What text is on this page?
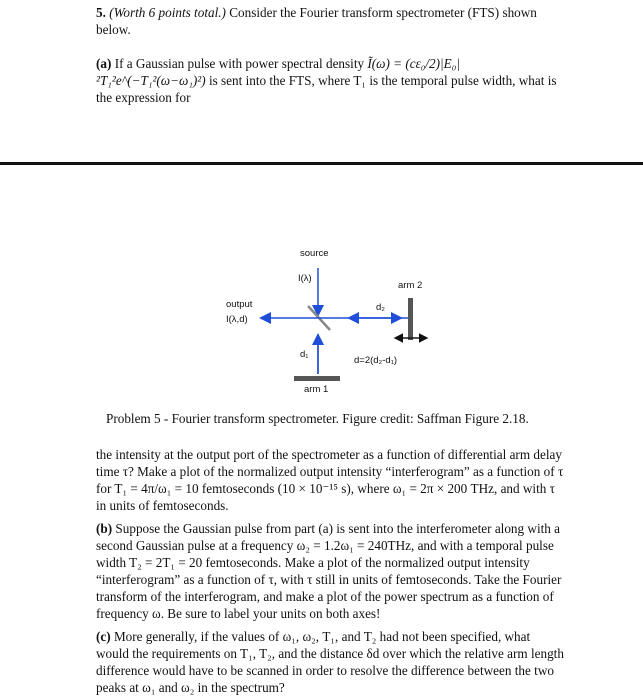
5. (Worth 6 points total.) Consider the Fourier transform spectrometer (FTS) shown below.

(a) If a Gaussian pulse with power spectral density Ĩ(ω) = (cε₀/2)|E₀|²T₁²e^(−T₁²(ω−ω₁)²) is sent into the FTS, where T₁ is the temporal pulse width, what is the expression for
source
I(λ)
arm 2
d₂
output
I(λ,d)
d₁
d=2(d₂-d₁)
arm 1
Problem 5 - Fourier transform spectrometer. Figure credit: Saffman Figure 2.18.
the intensity at the output port of the spectrometer as a function of differential arm delay time τ? Make a plot of the normalized output intensity “interferogram” as a function of τ for T₁ = 4π/ω₁ = 10 femtoseconds (10 × 10⁻¹⁵ s), where ω₁ = 2π × 200 THz, and with τ in units of femtoseconds.
(b) Suppose the Gaussian pulse from part (a) is sent into the interferometer along with a second Gaussian pulse at a frequency ω₂ = 1.2ω₁ = 240THz, and with a temporal pulse width T₂ = 2T₁ = 20 femtoseconds. Make a plot of the normalized output intensity “interferogram” as a function of τ, with τ still in units of femtoseconds. Take the Fourier transform of the interferogram, and make a plot of the power spectrum as a function of frequency ω. Be sure to label your units on both axes!
(c) More generally, if the values of ω₁, ω₂, T₁, and T₂ had not been specified, what would the requirements on T₁, T₂, and the distance δd over which the relative arm length difference would have to be scanned in order to resolve the difference between the two peaks at ω₁ and ω₂ in the spectrum?
